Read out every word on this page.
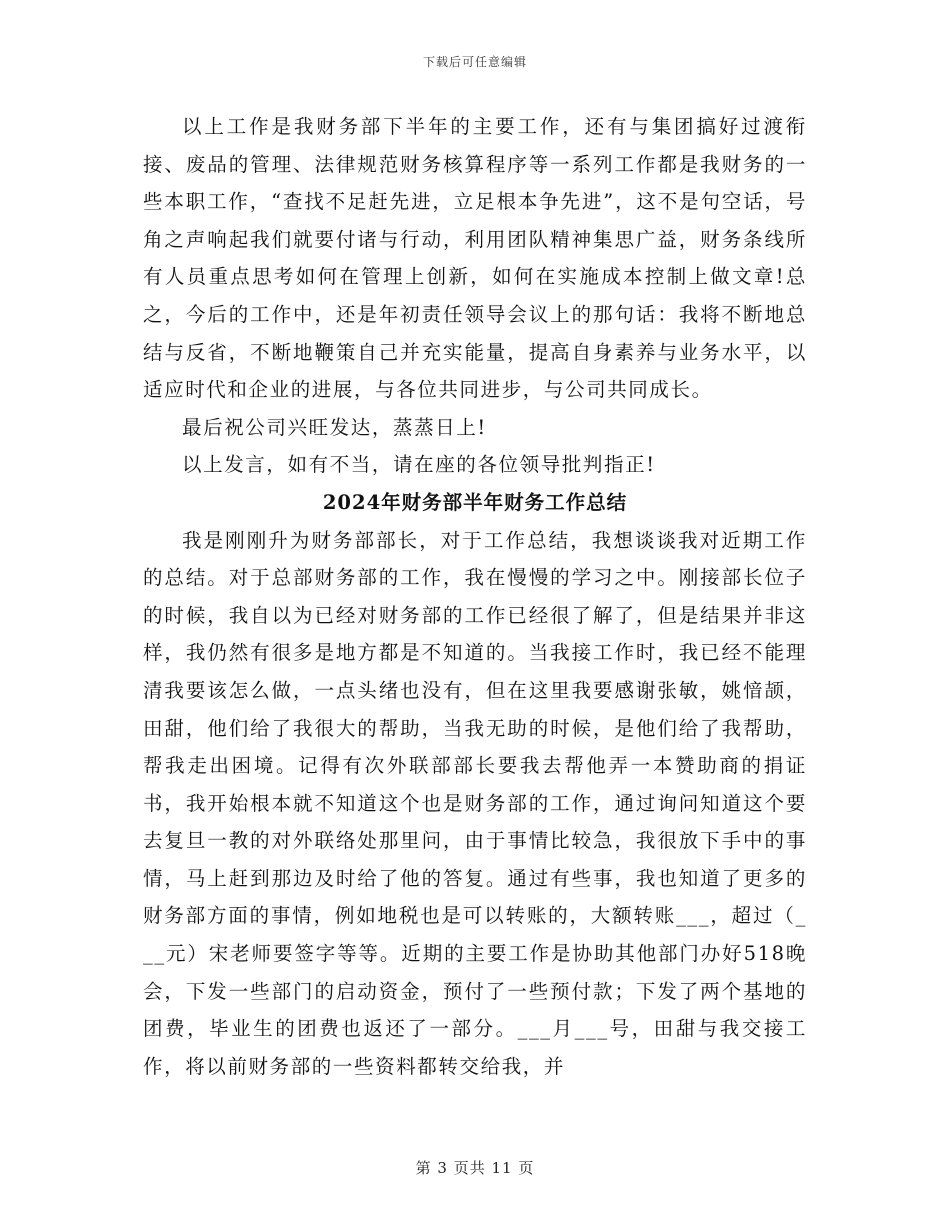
下载后可任意编辑

以上工作是我财务部下半年的主要工作，还有与集团搞好过渡衔接、废品的管理、法律规范财务核算程序等一系列工作都是我财务的一些本职工作，“查找不足赶先进，立足根本争先进”，这不是句空话，号角之声响起我们就要付诸与行动，利用团队精神集思广益，财务条线所有人员重点思考如何在管理上创新，如何在实施成本控制上做文章!总之，今后的工作中，还是年初责任领导会议上的那句话：我将不断地总结与反省，不断地鞭策自己并充实能量，提高自身素养与业务水平，以适应时代和企业的进展，与各位共同进步，与公司共同成长。

最后祝公司兴旺发达，蒸蒸日上!

以上发言，如有不当，请在座的各位领导批判指正!

2024年财务部半年财务工作总结

我是刚刚升为财务部部长，对于工作总结，我想谈谈我对近期工作的总结。对于总部财务部的工作，我在慢慢的学习之中。刚接部长位子的时候，我自以为已经对财务部的工作已经很了解了，但是结果并非这样，我仍然有很多是地方都是不知道的。当我接工作时，我已经不能理清我要该怎么做，一点头绪也没有，但在这里我要感谢张敏，姚愔颉，田甜，他们给了我很大的帮助，当我无助的时候，是他们给了我帮助，帮我走出困境。记得有次外联部部长要我去帮他弄一本赞助商的捐证书，我开始根本就不知道这个也是财务部的工作，通过询问知道这个要去复旦一教的对外联络处那里问，由于事情比较急，我很放下手中的事情，马上赶到那边及时给了他的答复。通过有些事，我也知道了更多的财务部方面的事情，例如地税也是可以转账的，大额转账___，超过（___元）宋老师要签字等等。近期的主要工作是协助其他部门办好518晚会，下发一些部门的启动资金，预付了一些预付款；下发了两个基地的团费，毕业生的团费也返还了一部分。___月___号，田甜与我交接工作，将以前财务部的一些资料都转交给我，并

第 3 页共 11 页
